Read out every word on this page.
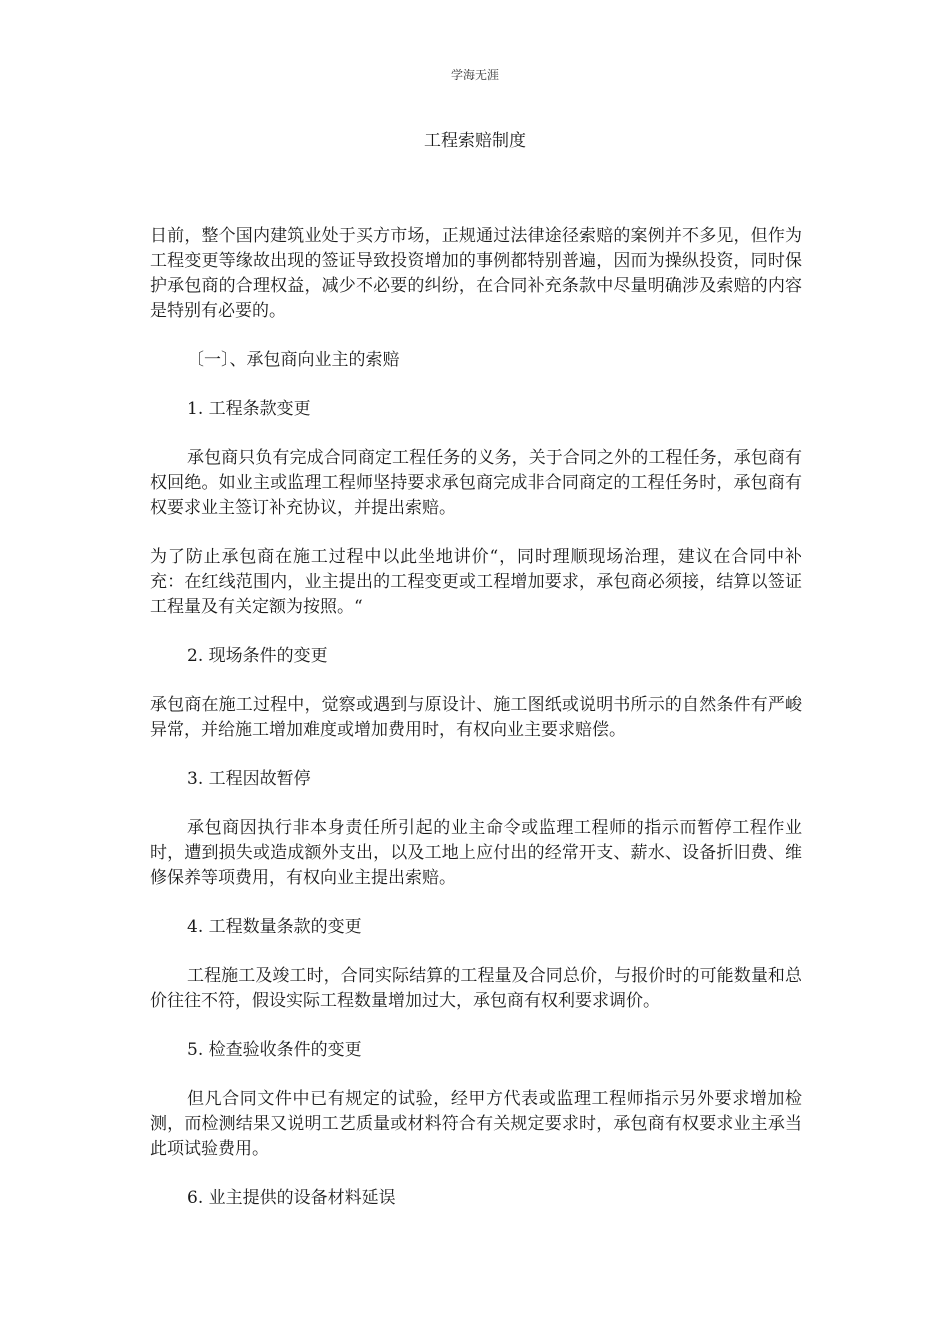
学海无涯
工程索赔制度

日前，整个国内建筑业处于买方市场，正规通过法律途径索赔的案例并不多见，但作为工程变更等缘故出现的签证导致投资增加的事例都特别普遍，因而为操纵投资，同时保护承包商的合理权益，减少不必要的纠纷，在合同补充条款中尽量明确涉及索赔的内容是特别有必要的。

〔一〕、承包商向业主的索赔

1. 工程条款变更

承包商只负有完成合同商定工程任务的义务，关于合同之外的工程任务，承包商有权回绝。如业主或监理工程师坚持要求承包商完成非合同商定的工程任务时，承包商有权要求业主签订补充协议，并提出索赔。

为了防止承包商在施工过程中以此坐地讲价“，同时理顺现场治理，建议在合同中补充：在红线范围内，业主提出的工程变更或工程增加要求，承包商必须接，结算以签证工程量及有关定额为按照。“

2. 现场条件的变更

承包商在施工过程中，觉察或遇到与原设计、施工图纸或说明书所示的自然条件有严峻异常，并给施工增加难度或增加费用时，有权向业主要求赔偿。

3. 工程因故暂停

承包商因执行非本身责任所引起的业主命令或监理工程师的指示而暂停工程作业时，遭到损失或造成额外支出，以及工地上应付出的经常开支、薪水、设备折旧费、维修保养等项费用，有权向业主提出索赔。

4. 工程数量条款的变更

工程施工及竣工时，合同实际结算的工程量及合同总价，与报价时的可能数量和总价往往不符，假设实际工程数量增加过大，承包商有权利要求调价。

5. 检查验收条件的变更

但凡合同文件中已有规定的试验，经甲方代表或监理工程师指示另外要求增加检测，而检测结果又说明工艺质量或材料符合有关规定要求时，承包商有权要求业主承当此项试验费用。

6. 业主提供的设备材料延误
